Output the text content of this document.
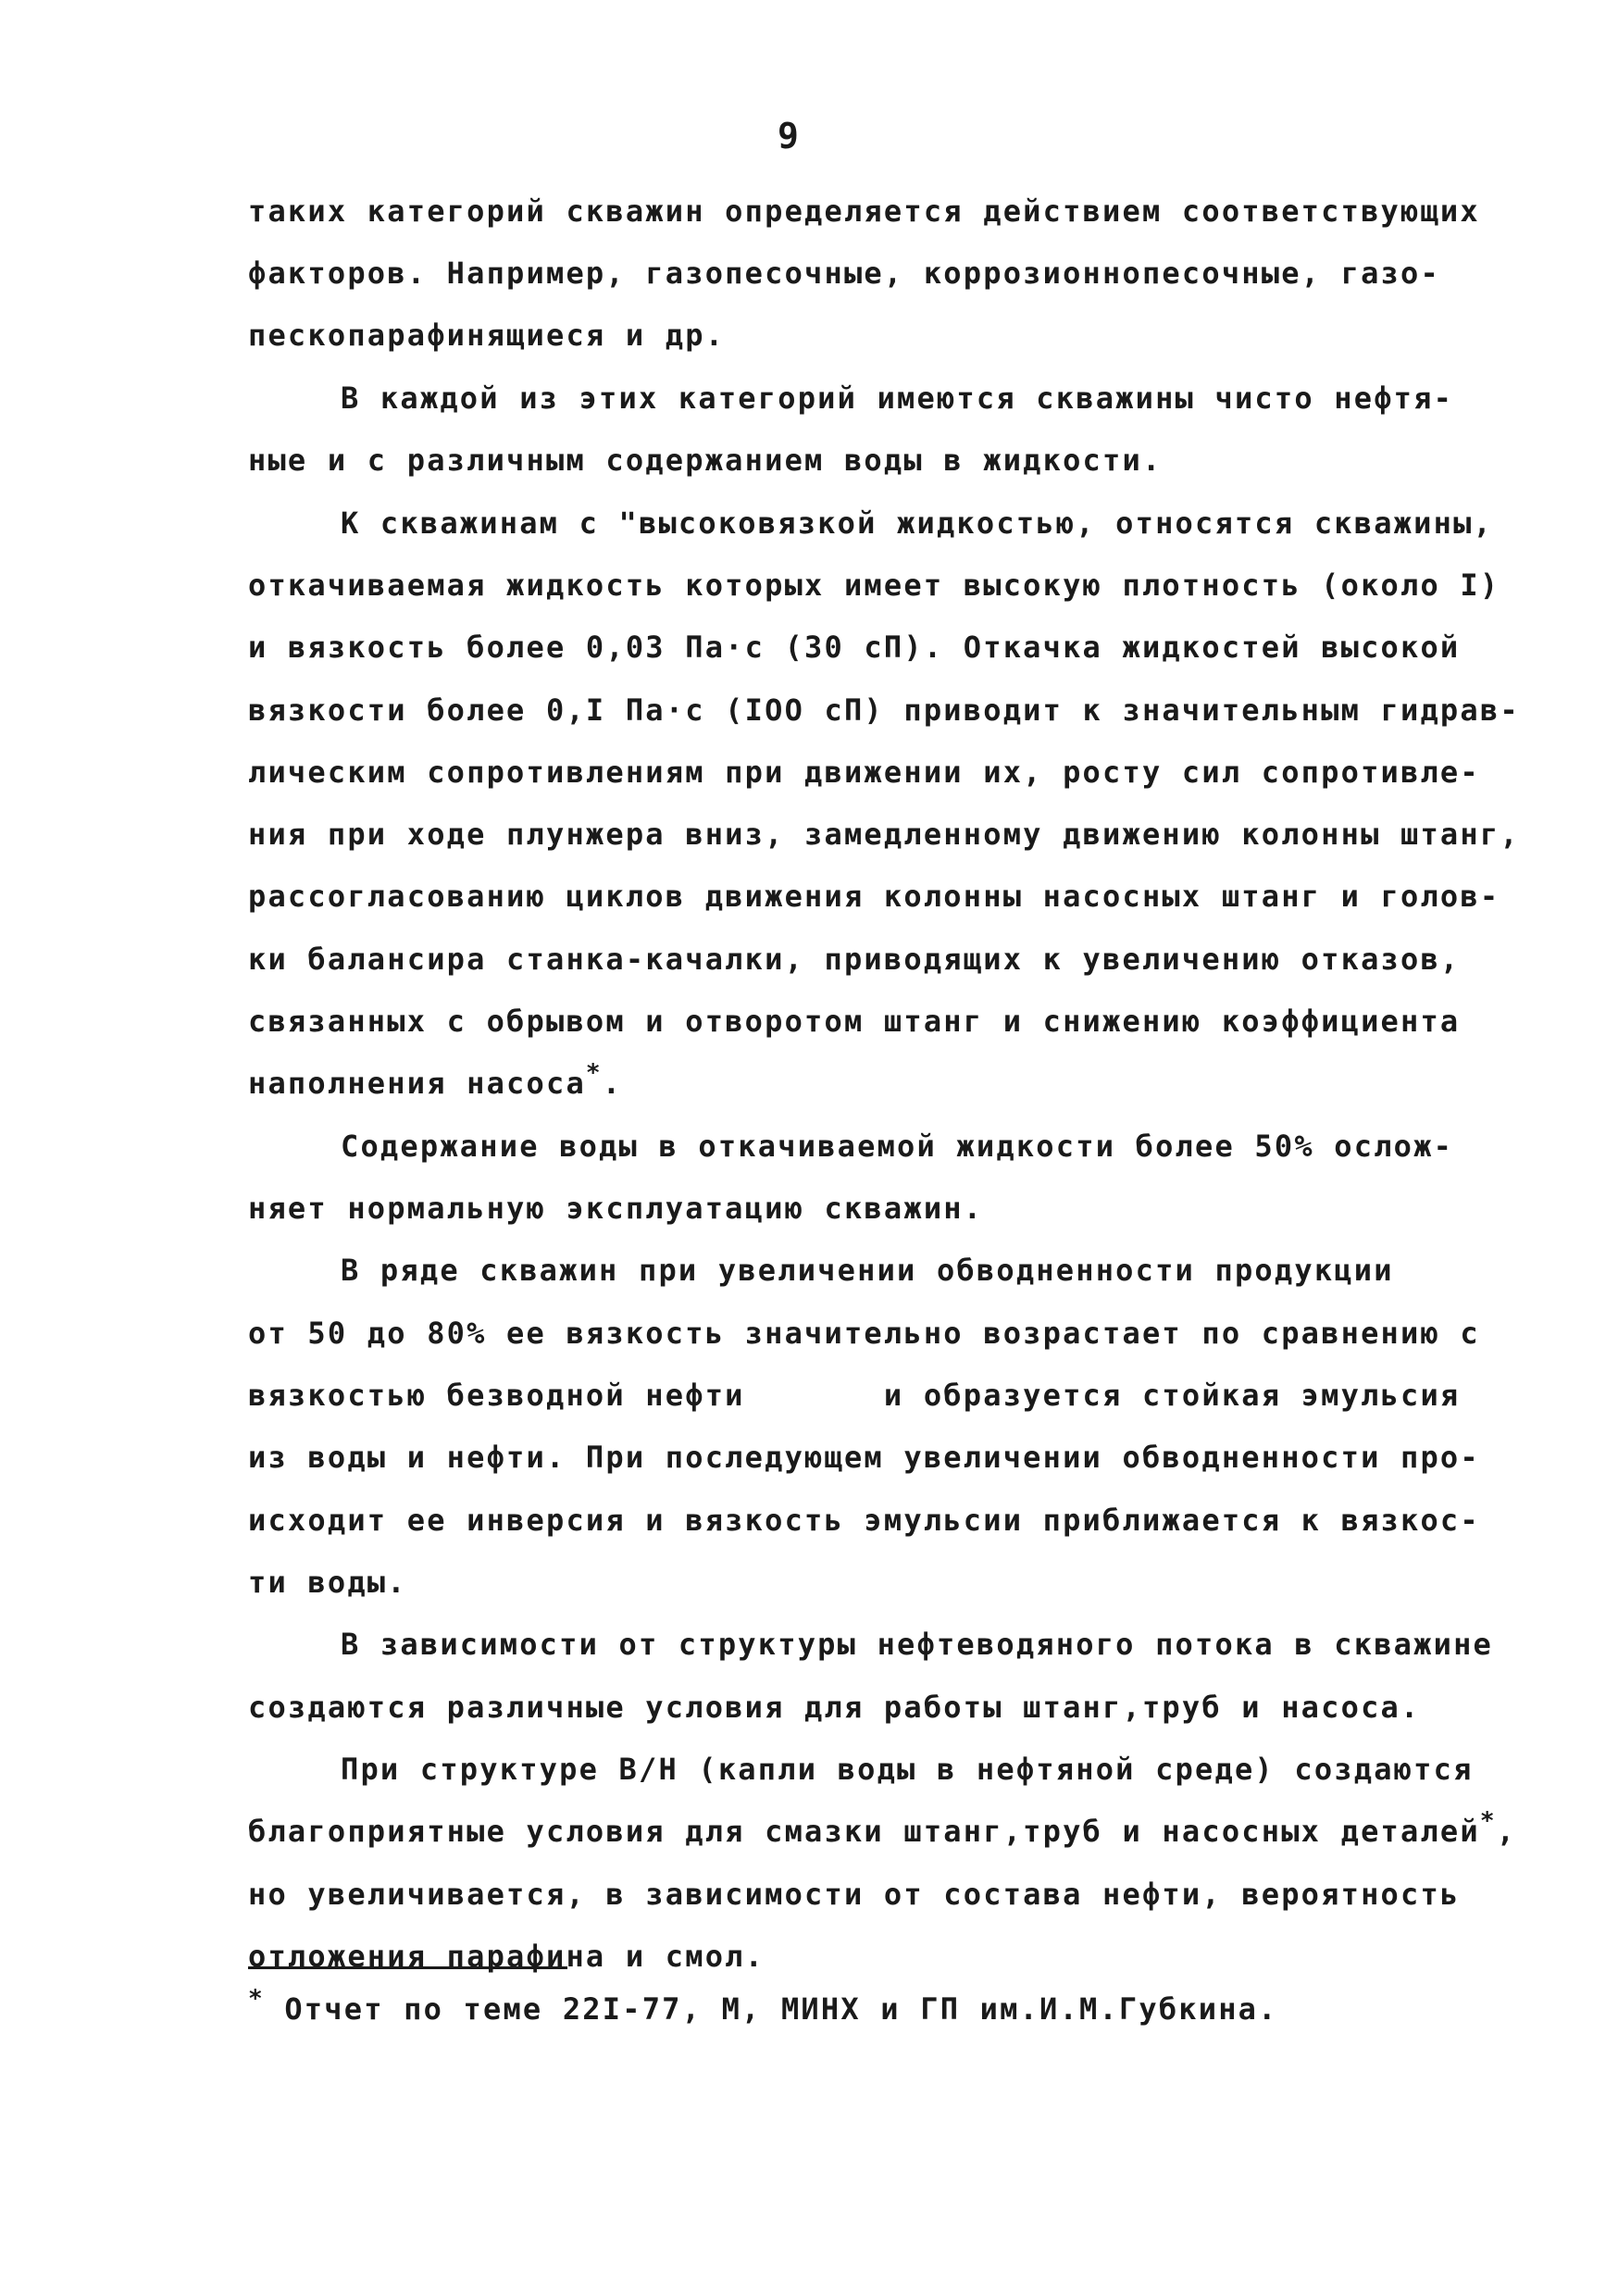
9
таких категорий скважин определяется действием соответствующих
факторов. Например, газопесочные, коррозионнопесочные, газо-
пескопарафинящиеся и др.
В каждой из этих категорий имеются скважины чисто нефтя-
ные и с различным содержанием воды в жидкости.
К скважинам с "высоковязкой жидкостью, относятся скважины,
откачиваемая жидкость которых имеет высокую плотность (около I)
и вязкость более 0,03 Па·с (30 сП). Откачка жидкостей высокой
вязкости более 0,I Па·с (IOO сП) приводит к значительным гидрав-
лическим сопротивлениям при движении их, росту сил сопротивле-
ния при ходе плунжера вниз, замедленному движению колонны штанг,
рассогласованию циклов движения колонны насосных штанг и голов-
ки балансира станка-качалки, приводящих к увеличению отказов,
связанных с обрывом и отворотом штанг и снижению коэффициента
наполнения насоса*.
Содержание воды в откачиваемой жидкости более 50% ослож-
няет нормальную эксплуатацию скважин.
В ряде скважин при увеличении обводненности продукции
от 50 до 80% ее вязкость значительно возрастает по сравнению с
вязкостью безводной нефти       и образуется стойкая эмульсия
из воды и нефти. При последующем увеличении обводненности про-
исходит ее инверсия и вязкость эмульсии приближается к вязкос-
ти воды.
В зависимости от структуры нефтеводяного потока в скважине
создаются различные условия для работы штанг,труб и насоса.
При структуре В/Н (капли воды в нефтяной среде) создаются
благоприятные условия для смазки штанг,труб и насосных деталей*,
но увеличивается, в зависимости от состава нефти, вероятность
отложения парафина и смол.
* Отчет по теме 22I-77, М, МИНХ и ГП им.И.М.Губкина.
